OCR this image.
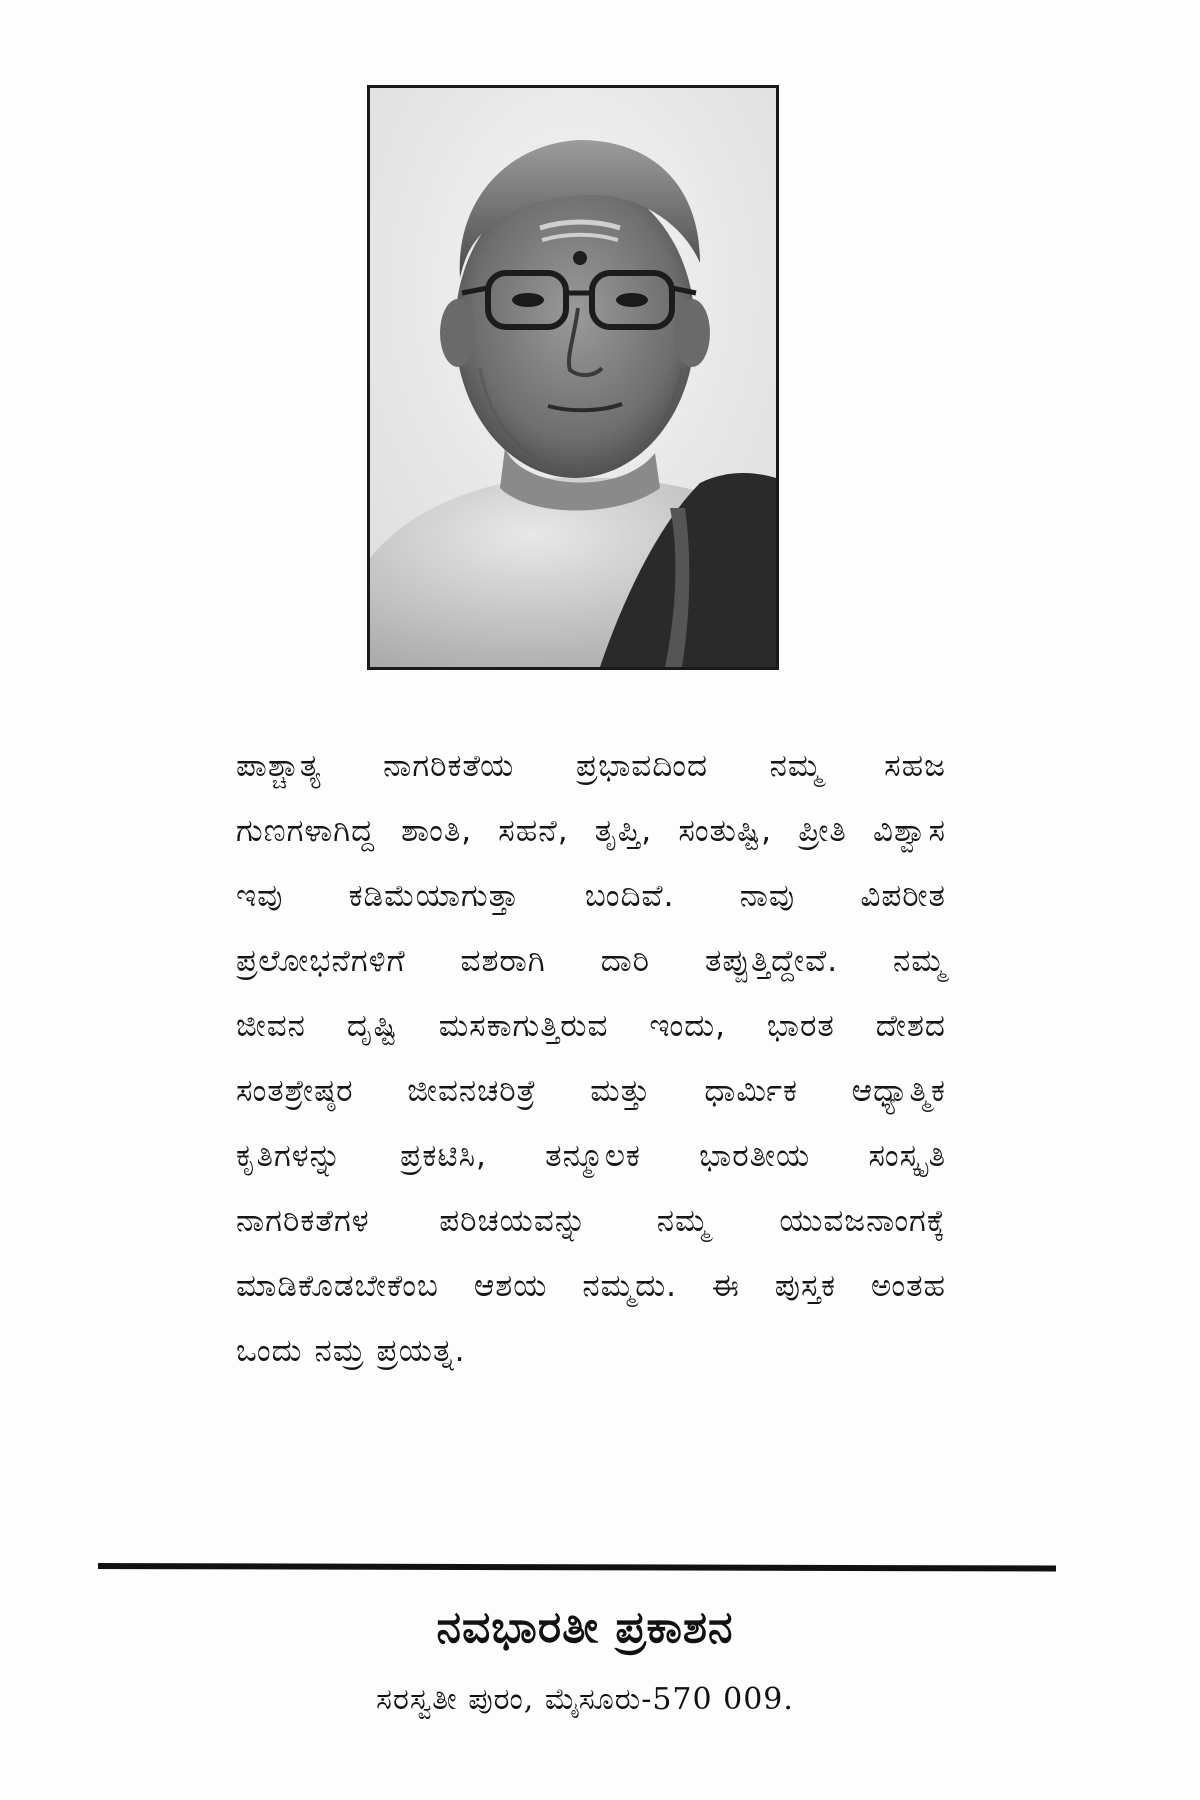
ಪಾಶ್ಚಾತ್ಯ ನಾಗರಿಕತೆಯ ಪ್ರಭಾವದಿಂದ ನಮ್ಮ ಸಹಜ
ಗುಣಗಳಾಗಿದ್ದ ಶಾಂತಿ, ಸಹನೆ, ತೃಪ್ತಿ, ಸಂತುಷ್ಟಿ, ಪ್ರೀತಿ ವಿಶ್ವಾಸ
ಇವು ಕಡಿಮೆಯಾಗುತ್ತಾ ಬಂದಿವೆ. ನಾವು ವಿಪರೀತ
ಪ್ರಲೋಭನೆಗಳಿಗೆ ವಶರಾಗಿ ದಾರಿ ತಪ್ಪುತ್ತಿದ್ದೇವೆ. ನಮ್ಮ
ಜೀವನ ದೃಷ್ಟಿ ಮಸಕಾಗುತ್ತಿರುವ ಇಂದು, ಭಾರತ ದೇಶದ
ಸಂತಶ್ರೇಷ್ಠರ ಜೀವನಚರಿತ್ರೆ ಮತ್ತು ಧಾರ್ಮಿಕ ಆಧ್ಯಾತ್ಮಿಕ
ಕೃತಿಗಳನ್ನು ಪ್ರಕಟಿಸಿ, ತನ್ಮೂಲಕ ಭಾರತೀಯ ಸಂಸ್ಕೃತಿ
ನಾಗರಿಕತೆಗಳ ಪರಿಚಯವನ್ನು ನಮ್ಮ ಯುವಜನಾಂಗಕ್ಕೆ
ಮಾಡಿಕೊಡಬೇಕೆಂಬ ಆಶಯ ನಮ್ಮದು. ಈ ಪುಸ್ತಕ ಅಂತಹ
ಒಂದು ನಮ್ರ ಪ್ರಯತ್ನ.
ನವಭಾರತೀ ಪ್ರಕಾಶನ
ಸರಸ್ವತೀ ಪುರಂ, ಮೈಸೂರು-570 009.
